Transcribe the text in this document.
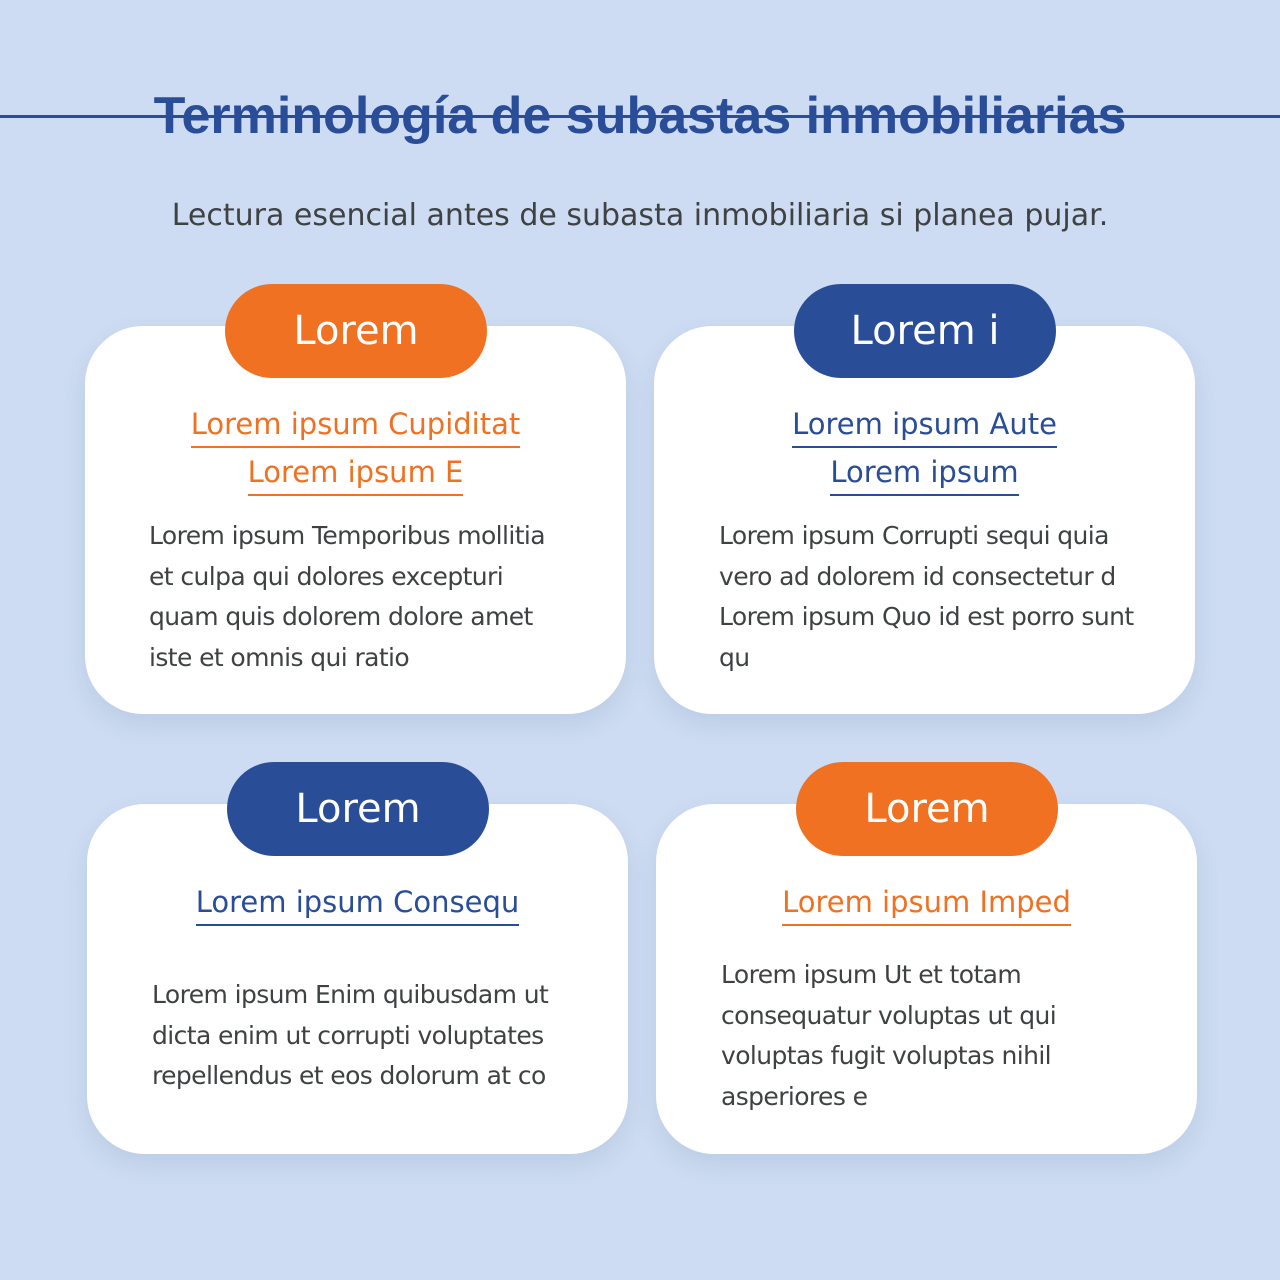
Terminología de subastas inmobiliarias

Lectura esencial antes de subasta inmobiliaria si planea pujar.

Lorem
Lorem ipsum Cupiditat
Lorem ipsum E
Lorem ipsum Temporibus mollitia et culpa qui dolores excepturi quam quis dolorem dolore amet iste et omnis qui ratio
Lorem i
Lorem ipsum Aute
Lorem ipsum
Lorem ipsum Corrupti sequi quia vero ad dolorem id consectetur d Lorem ipsum Quo id est porro sunt qu
Lorem
Lorem ipsum Consequ
Lorem ipsum Enim quibusdam ut dicta enim ut corrupti voluptates repellendus et eos dolorum at co
Lorem
Lorem ipsum Imped
Lorem ipsum Ut et totam consequatur voluptas ut qui voluptas fugit voluptas nihil asperiores e
